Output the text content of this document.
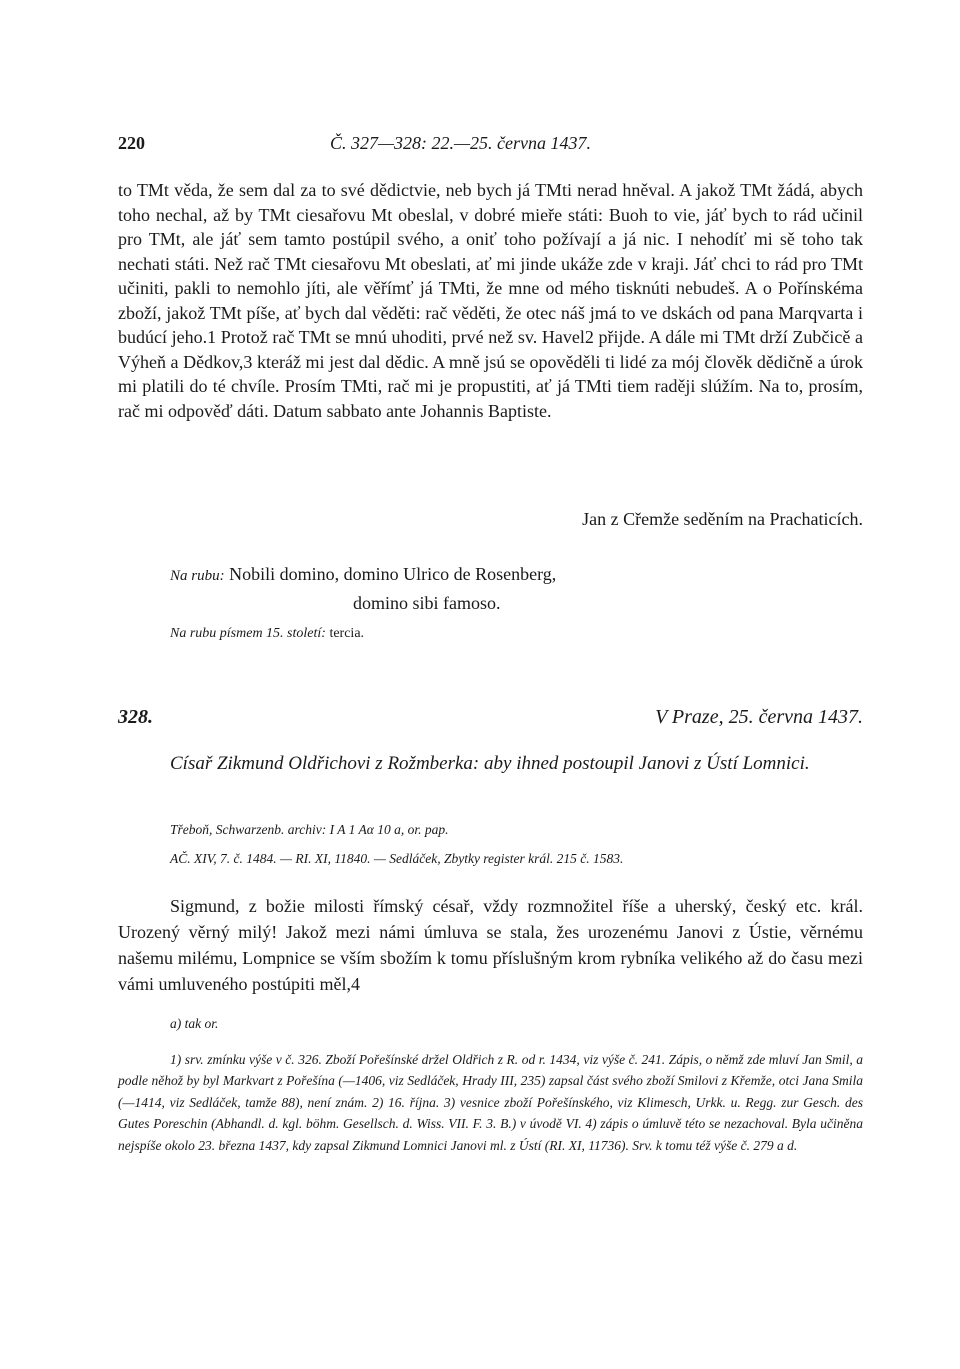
220	Č. 327—328: 22.—25. června 1437.

to TMt věda, že sem dal za to své dědictvie, neb bych já TMti nerad hněval. A jakož TMt žádá, abych toho nechal, až by TMt ciesařovu Mt obeslal, v dobré mieře státi: Buoh to vie, jáť bych to rád učinil pro TMt, ale jáť sem tamto postúpil svého, a oniť toho požívají a já nic. I nehodíť mi sě toho tak nechati státi. Než rač TMt ciesařovu Mt obeslati, ať mi jinde ukáže zde v kraji. Jáť chci to rád pro TMt učiniti, pakli to nemohlo jíti, ale věřímť já TMti, že mne od mého tisknúti nebudeš. A o Pořínskéma zboží, jakož TMt píše, ať bych dal věděti: rač věděti, že otec náš jmá to ve dskách od pana Marqvarta i budúcí jeho.1 Protož rač TMt se mnú uhoditi, prvé než sv. Havel2 přijde. A dále mi TMt drží Zubčicě a Výheň a Dědkov,3 kteráž mi jest dal dědic. A mně jsú se opověděli ti lidé za mój člověk dědičně a úrok mi platili do té chvíle. Prosím TMti, rač mi je propustiti, ať já TMti tiem raději slúžím. Na to, prosím, rač mi odpověď dáti. Datum sabbato ante Johannis Baptiste.

Jan z Cřemže seděním na Prachaticích.
Na rubu: Nobili domino, domino Ulrico de Rosenberg,
domino sibi famoso.
Na rubu písmem 15. století: tercia.
328.	V Praze, 25. června 1437.

Císař Zikmund Oldřichovi z Rožmberka: aby ihned postoupil Janovi z Ústí Lomnici.

Třeboň, Schwarzenb. archiv: I A 1 Aα 10 a, or. pap.
AČ. XIV, 7. č. 1484. — RI. XI, 11840. — Sedláček, Zbytky register král. 215 č. 1583.

Sigmund, z božie milosti římský césař, vždy rozmnožitel říše a uherský, český etc. král. Urozený věrný milý! Jakož mezi námi úmluva se stala, žes urozenému Janovi z Ústie, věrnému našemu milému, Lompnice se vším sbožím k tomu příslušným krom rybníka velikého až do času mezi vámi umluveného postúpiti měl,4

a) tak or.

1) srv. zmínku výše v č. 326. Zboží Pořešínské držel Oldřich z R. od r. 1434, viz výše č. 241. Zápis, o němž zde mluví Jan Smil, a podle něhož by byl Markvart z Pořešína (—1406, viz Sedláček, Hrady III, 235) zapsal část svého zboží Smilovi z Křemže, otci Jana Smila (—1414, viz Sedláček, tamže 88), není znám. 2) 16. října. 3) vesnice zboží Pořešínského, viz Klimesch, Urkk. u. Regg. zur Gesch. des Gutes Poreschin (Abhandl. d. kgl. böhm. Gesellsch. d. Wiss. VII. F. 3. B.) v úvodě VI. 4) zápis o úmluvě této se nezachoval. Byla učiněna nejspíše okolo 23. března 1437, kdy zapsal Zikmund Lomnici Janovi ml. z Ústí (RI. XI, 11736). Srv. k tomu též výše č. 279 a d.
